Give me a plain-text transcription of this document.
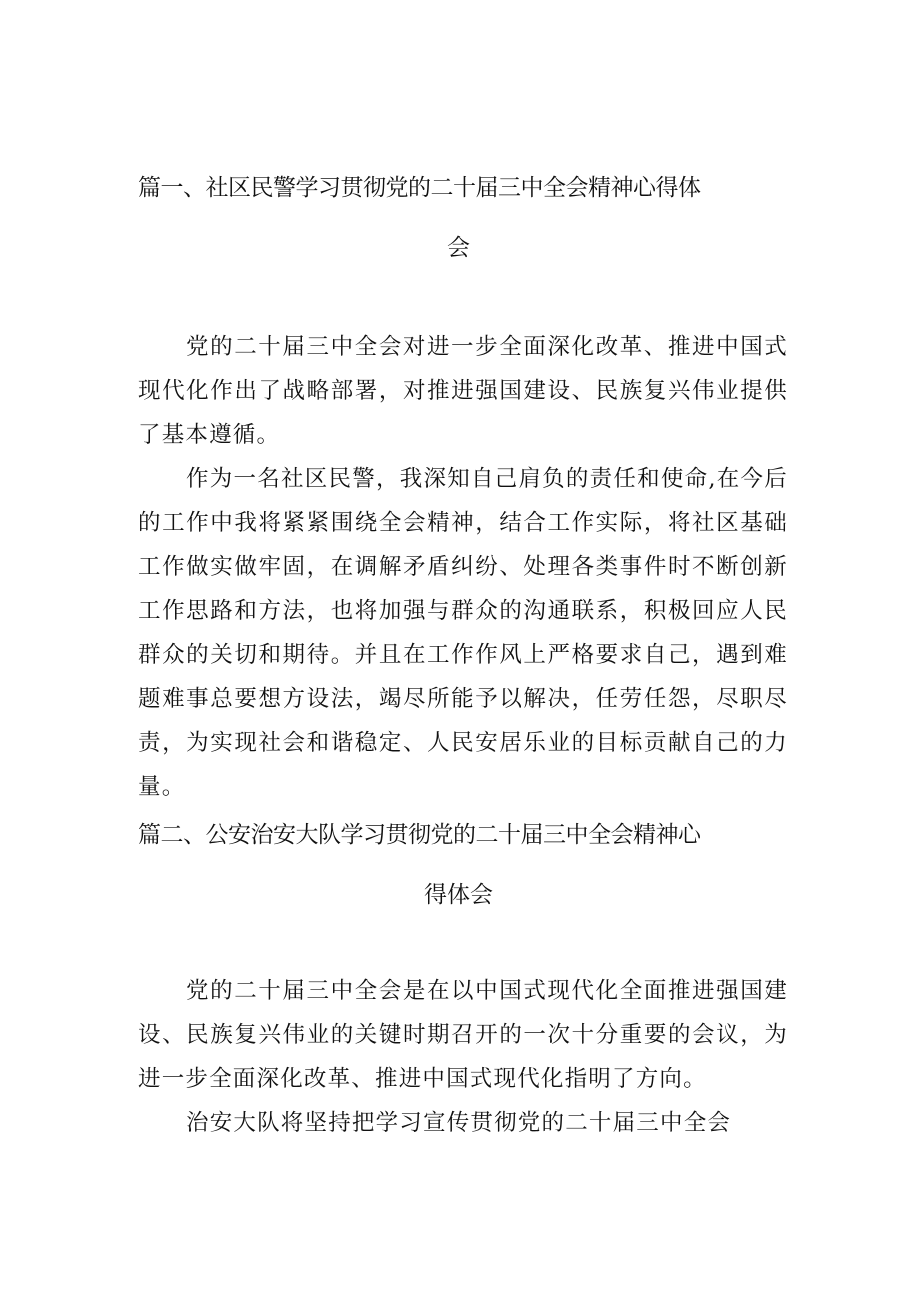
篇一、社区民警学习贯彻党的二十届三中全会精神心得体
会

党的二十届三中全会对进一步全面深化改革、推进中国式现代化作出了战略部署，对推进强国建设、民族复兴伟业提供了基本遵循。

作为一名社区民警，我深知自己肩负的责任和使命,在今后的工作中我将紧紧围绕全会精神，结合工作实际，将社区基础工作做实做牢固，在调解矛盾纠纷、处理各类事件时不断创新工作思路和方法，也将加强与群众的沟通联系，积极回应人民群众的关切和期待。并且在工作作风上严格要求自己，遇到难题难事总要想方设法，竭尽所能予以解决，任劳任怨，尽职尽责，为实现社会和谐稳定、人民安居乐业的目标贡献自己的力量。

篇二、公安治安大队学习贯彻党的二十届三中全会精神心
得体会

党的二十届三中全会是在以中国式现代化全面推进强国建设、民族复兴伟业的关键时期召开的一次十分重要的会议，为进一步全面深化改革、推进中国式现代化指明了方向。

治安大队将坚持把学习宣传贯彻党的二十届三中全会
